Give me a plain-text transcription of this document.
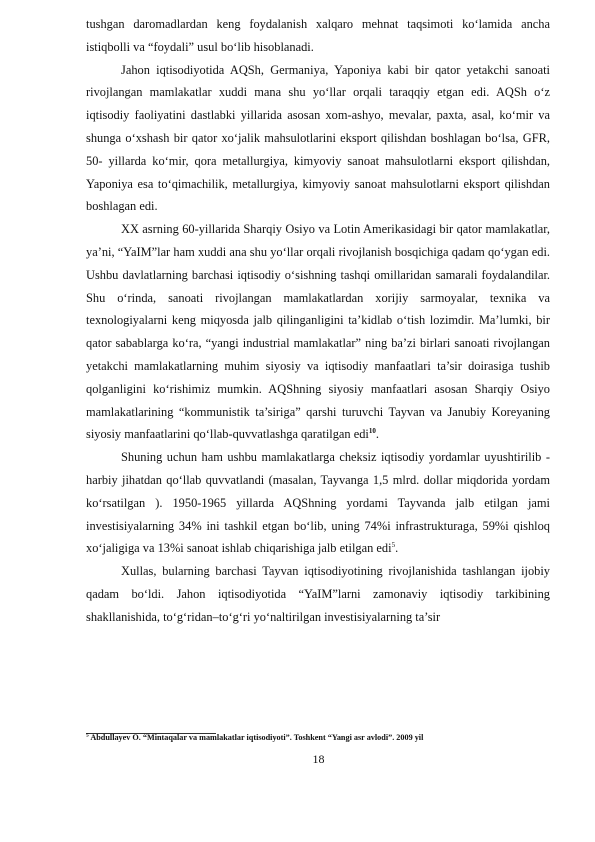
tushgan daromadlardan keng foydalanish xalqaro mehnat taqsimoti ko‘lamida ancha istiqbolli va “foydali” usul bo‘lib hisoblanadi.

Jahon iqtisodiyotida AQSh, Germaniya, Yaponiya kabi bir qator yetakchi sanoati rivojlangan mamlakatlar xuddi mana shu yo‘llar orqali taraqqiy etgan edi. AQSh o‘z iqtisodiy faoliyatini dastlabki yillarida asosan xom-ashyo, mevalar, paxta, asal, ko‘mir va shunga o‘xshash bir qator xo‘jalik mahsulotlarini eksport qilishdan boshlagan bo‘lsa, GFR, 50- yillarda ko‘mir, qora metallurgiya, kimyoviy sanoat mahsulotlarni eksport qilishdan, Yaponiya esa to‘qimachilik, metallurgiya, kimyoviy sanoat mahsulotlarni eksport qilishdan boshlagan edi.

XX asrning 60-yillarida Sharqiy Osiyo va Lotin Amerikasidagi bir qator mamlakatlar, ya’ni, “YaIM”lar ham xuddi ana shu yo‘llar orqali rivojlanish bosqichiga qadam qo‘ygan edi. Ushbu davlatlarning barchasi iqtisodiy o‘sishning tashqi omillaridan samarali foydalandilar. Shu o‘rinda, sanoati rivojlangan mamlakatlardan xorijiy sarmoyalar, texnika va texnologiyalarni keng miqyosda jalb qilinganligini ta’kidlab o‘tish lozimdir. Ma’lumki, bir qator sabablarga ko‘ra, “yangi industrial mamlakatlar” ning ba’zi birlari sanoati rivojlangan yetakchi mamlakatlarning muhim siyosiy va iqtisodiy manfaatlari ta’sir doirasiga tushib qolganligini ko‘rishimiz mumkin. AQShning siyosiy manfaatlari asosan Sharqiy Osiyo mamlakatlarining “kommunistik ta’siriga” qarshi turuvchi Tayvan va Janubiy Koreyaning siyosiy manfaatlarini qo‘llab-quvvatlashga qaratilgan edi$^{10}$.

Shuning uchun ham ushbu mamlakatlarga cheksiz iqtisodiy yordamlar uyushtirilib - harbiy jihatdan qo‘llab quvvatlandi (masalan, Tayvanga 1,5 mlrd. dollar miqdorida yordam ko‘rsatilgan ). 1950-1965 yillarda AQShning yordami Tayvanda jalb etilgan jami investisiyalarning 34% ini tashkil etgan bo‘lib, uning 74%i infrastrukturaga, 59%i qishloq xo‘jaligiga va 13%i sanoat ishlab chiqarishiga jalb etilgan edi$^5$.

Xullas, bularning barchasi Tayvan iqtisodiyotining rivojlanishida tashlangan ijobiy qadam bo‘ldi. Jahon iqtisodiyotida “YaIM”larni zamonaviy iqtisodiy tarkibining shakllanishida, to‘g‘ridan–to‘g‘ri yo‘naltirilgan investisiyalarning ta’sir

$^5$ Abdullayev O. “Mintaqalar va mamlakatlar iqtisodiyoti”. Toshkent “Yangi asr avlodi”. 2009 yil
18
